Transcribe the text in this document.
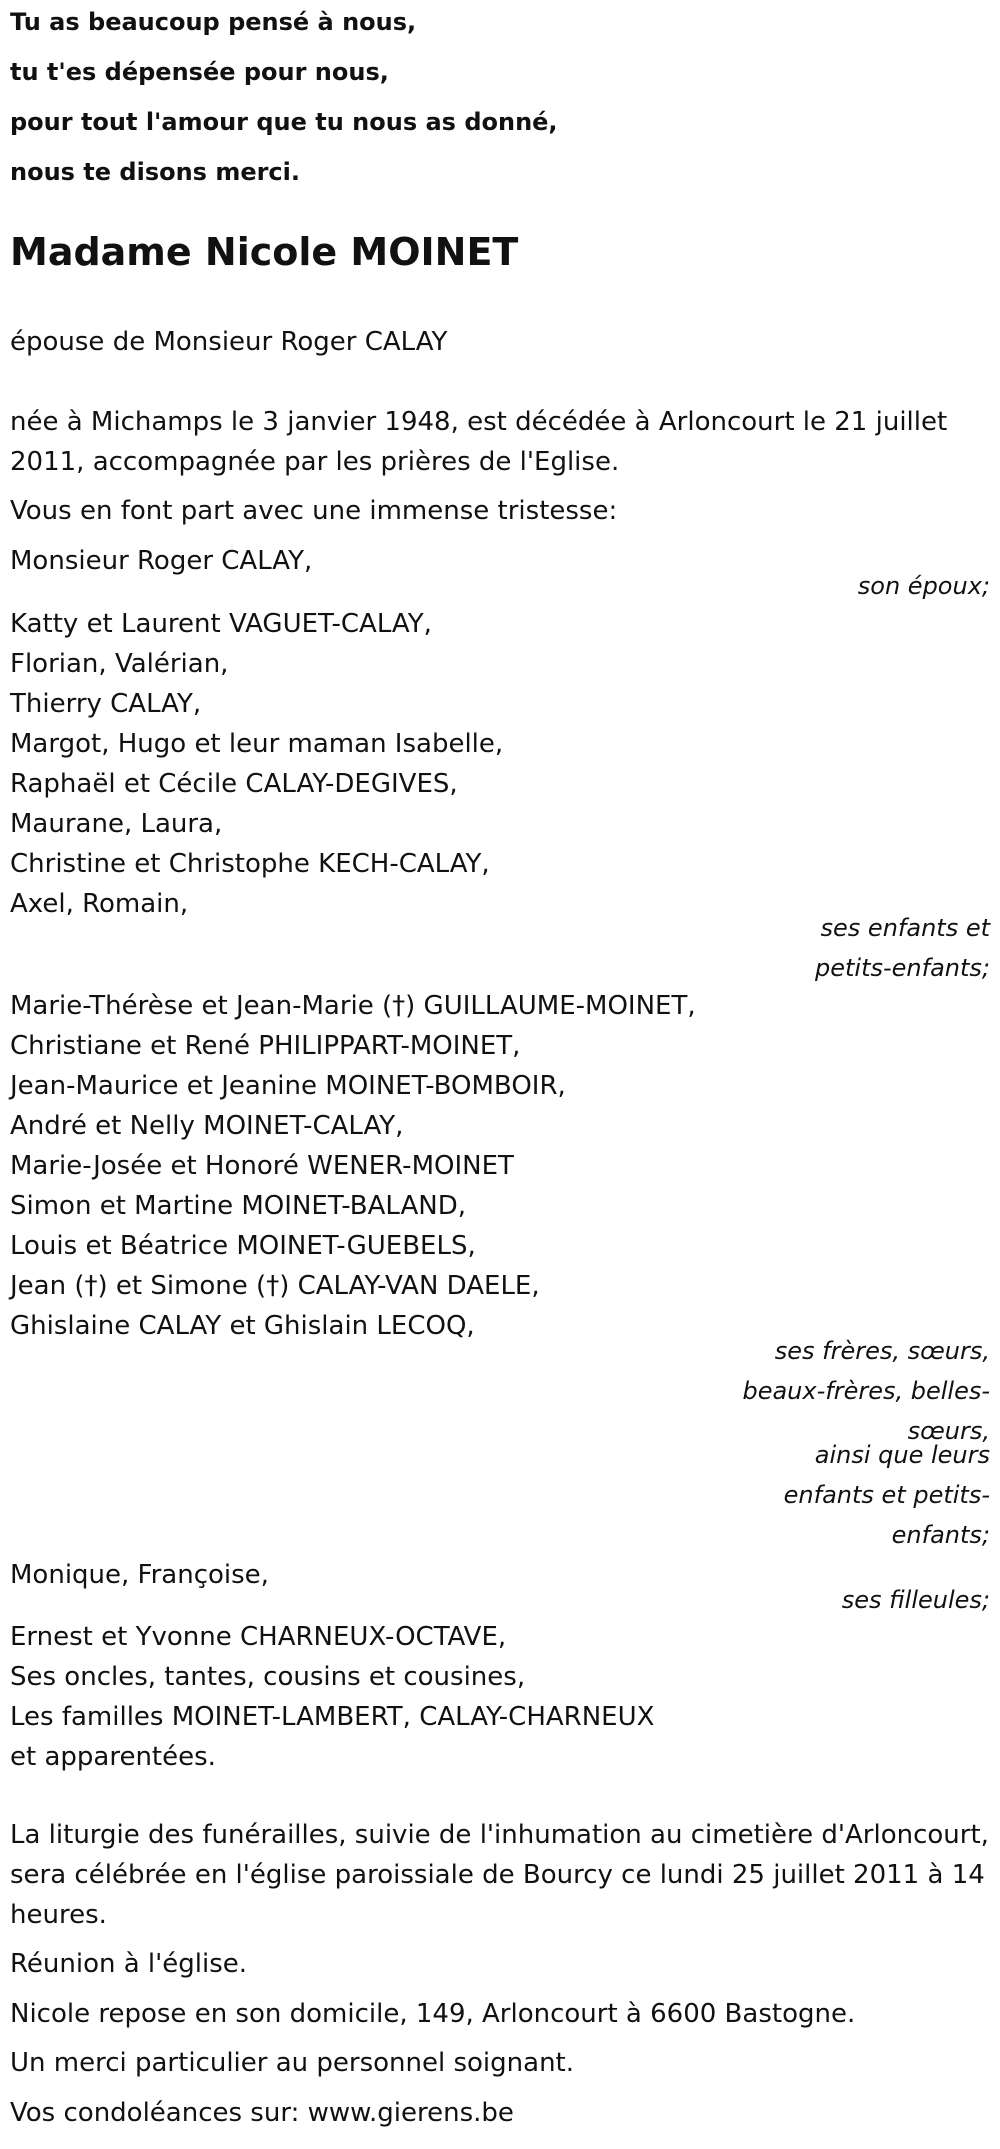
Tu as beaucoup pensé à nous,
tu t'es dépensée pour nous,
pour tout l'amour que tu nous as donné,
nous te disons merci.
Madame Nicole MOINET
épouse de Monsieur Roger CALAY
née à Michamps le 3 janvier 1948, est décédée à Arloncourt le 21 juillet 2011, accompagnée par les prières de l'Eglise.
Vous en font part avec une immense tristesse:
Monsieur Roger CALAY,
son époux;
Katty et Laurent VAGUET-CALAY,
Florian, Valérian,
Thierry CALAY,
Margot, Hugo et leur maman Isabelle,
Raphaël et Cécile CALAY-DEGIVES,
Maurane, Laura,
Christine et Christophe KECH-CALAY,
Axel, Romain,
ses enfants et
petits-enfants;
Marie-Thérèse et Jean-Marie (†) GUILLAUME-MOINET,
Christiane et René PHILIPPART-MOINET,
Jean-Maurice et Jeanine MOINET-BOMBOIR,
André et Nelly MOINET-CALAY,
Marie-Josée et Honoré WENER-MOINET
Simon et Martine MOINET-BALAND,
Louis et Béatrice MOINET-GUEBELS,
Jean (†) et Simone (†) CALAY-VAN DAELE,
Ghislaine CALAY et Ghislain LECOQ,
ses frères, sœurs,
beaux-frères, belles-
sœurs,
ainsi que leurs
enfants et petits-
enfants;
Monique, Françoise,
ses filleules;
Ernest et Yvonne CHARNEUX-OCTAVE,
Ses oncles, tantes, cousins et cousines,
Les familles MOINET-LAMBERT, CALAY-CHARNEUX
et apparentées.
La liturgie des funérailles, suivie de l'inhumation au cimetière d'Arloncourt, sera célébrée en l'église paroissiale de Bourcy ce lundi 25 juillet 2011 à 14 heures.
Réunion à l'église.
Nicole repose en son domicile, 149, Arloncourt à 6600 Bastogne.
Un merci particulier au personnel soignant.
Vos condoléances sur: www.gierens.be
